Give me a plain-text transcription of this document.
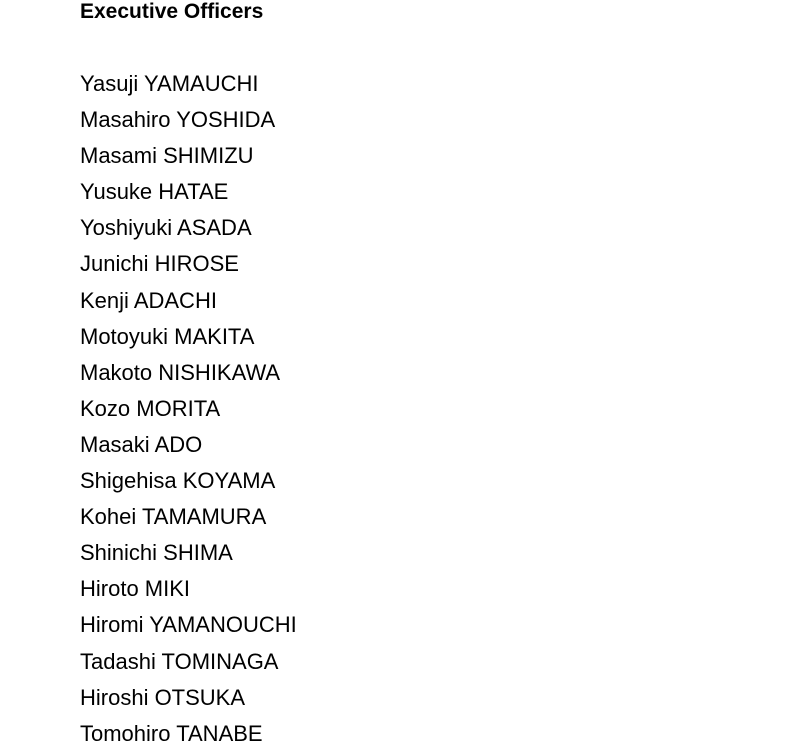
Executive Officers
Yasuji YAMAUCHI
Masahiro YOSHIDA
Masami SHIMIZU
Yusuke HATAE
Yoshiyuki ASADA
Junichi HIROSE
Kenji ADACHI
Motoyuki MAKITA
Makoto NISHIKAWA
Kozo MORITA
Masaki ADO
Shigehisa KOYAMA
Kohei TAMAMURA
Shinichi SHIMA
Hiroto MIKI
Hiromi YAMANOUCHI
Tadashi TOMINAGA
Hiroshi OTSUKA
Tomohiro TANABE
